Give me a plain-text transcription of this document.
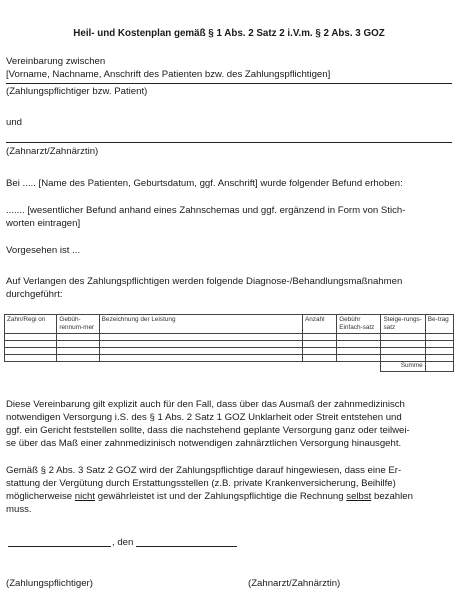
Heil- und Kostenplan gemäß § 1 Abs. 2 Satz 2 i.V.m. § 2 Abs. 3 GOZ
Vereinbarung zwischen
[Vorname, Nachname, Anschrift des Patienten bzw. des Zahlungspflichtigen]
(Zahlungspflichtiger bzw. Patient)
und
(Zahnarzt/Zahnärztin)
Bei ..... [Name des Patienten, Geburtsdatum, ggf. Anschrift] wurde folgender Befund erhoben:
....... [wesentlicher Befund anhand eines Zahnschemas und ggf. ergänzend in Form von Stich-
worten eintragen]
Vorgesehen ist ...
Auf Verlangen des Zahlungspflichtigen werden folgende Diagnose-/Behandlungsmaßnahmen
durchgeführt:
Zahn/Regi on	Gebüh-rennum-mer	Bezeichnung der Leistung	Anzahl	Gebühr Einfach-satz	Steige-rungs-satz	Be-trag

					Summe	
Diese Vereinbarung gilt explizit auch für den Fall, dass über das Ausmaß der zahnmedizinisch
notwendigen Versorgung i.S. des § 1 Abs. 2 Satz 1 GOZ Unklarheit oder Streit entstehen und
ggf. ein Gericht feststellen sollte, dass die nachstehend geplante Versorgung ganz oder teilwei-
se über das Maß einer zahnmedizinisch notwendigen zahnärztlichen Versorgung hinausgeht.
Gemäß § 2 Abs. 3 Satz 2 GOZ wird der Zahlungspflichtige darauf hingewiesen, dass eine Er-
stattung der Vergütung durch Erstattungsstellen (z.B. private Krankenversicherung, Beihilfe)
möglicherweise nicht gewährleistet ist und der Zahlungspflichtige die Rechnung selbst bezahlen
muss.
, den
(Zahlungspflichtiger)	(Zahnarzt/Zahnärztin)
